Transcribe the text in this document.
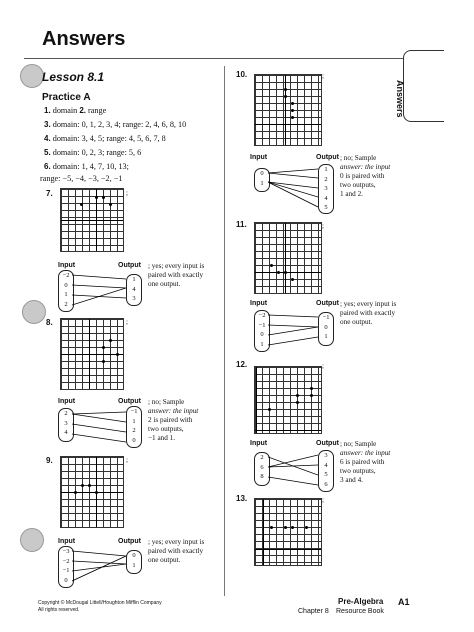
Answers
Answers
Lesson 8.1
Practice A
1. domain 2. range
3. domain: 0, 1, 2, 3, 4; range: 2, 4, 6, 8, 10
4. domain: 3, 4, 5; range: 4, 5, 6, 7, 8
5. domain: 0, 2, 3; range: 5, 6
6. domain: 1, 4, 7, 10, 13;
range: −5, −4, −3, −2, −1
7.	;
Input	Output
−2
0
1
2
1
4
3
; yes; every input is
paired with exactly
one output.
8.	;
Input	Output
2
3
4
−1
1
2
0
; no; Sample
answer: the input
2 is paired with
two outputs,
−1 and 1.
9.	;
Input	Output
−3
−2
−1
0
0
1
; yes; every input is
paired with exactly
one output.
10.	;
Input	Output
0
1
1
2
3
4
5
; no; Sample
answer: the input
0 is paired with
two outputs,
1 and 2.
11.	;
Input	Output
−2
−1
0
1
−1
0
1
; yes; every input is
paired with exactly
one output.
12.	;
Input	Output
2
6
8
3
4
5
6
; no; Sample
answer: the input
6 is paired with
two outputs,
3 and 4.
13.	;
Copyright © McDougal Littell/Houghton Mifflin Company
All rights reserved.
Pre-Algebra A1
Chapter 8 Resource Book
